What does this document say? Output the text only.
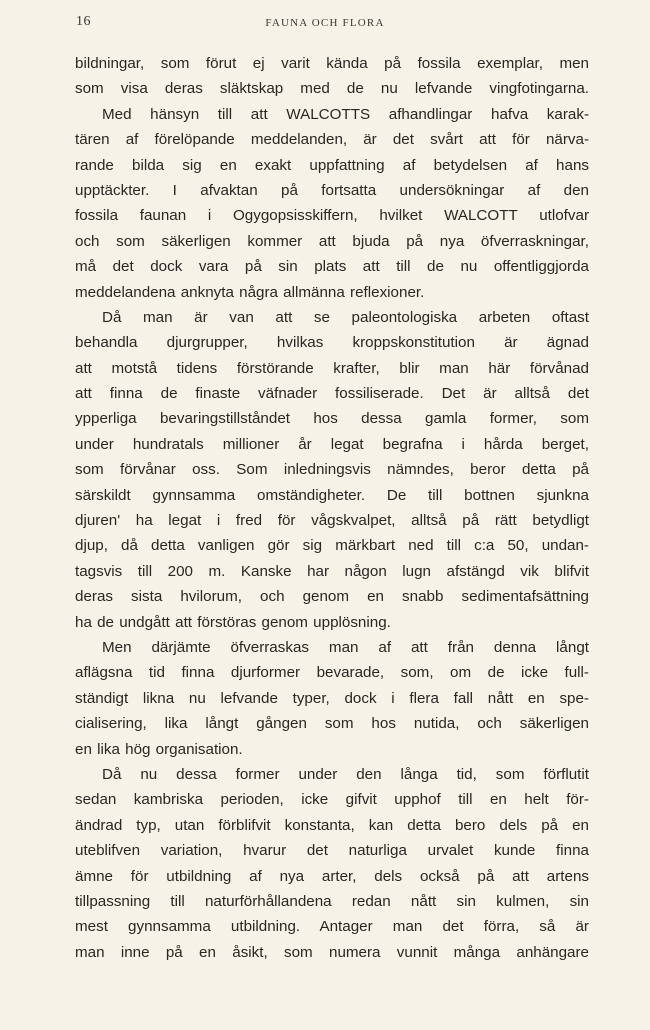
16	FAUNA OCH FLORA
bildningar, som förut ej varit kända på fossila exemplar, men
som visa deras släktskap med de nu lefvande vingfotingarna.
Med hänsyn till att WALCOTTS afhandlingar hafva karak-
tären af förelöpande meddelanden, är det svårt att för närva-
rande bilda sig en exakt uppfattning af betydelsen af hans
upptäckter. I afvaktan på fortsatta undersökningar af den
fossila faunan i Ogygopsisskiffern, hvilket WALCOTT utlofvar
och som säkerligen kommer att bjuda på nya öfverraskningar,
må det dock vara på sin plats att till de nu offentliggjorda
meddelandena anknyta några allmänna reflexioner.
Då man är van att se paleontologiska arbeten oftast
behandla djurgrupper, hvilkas kroppskonstitution är ägnad
att motstå tidens förstörande krafter, blir man här förvånad
att finna de finaste väfnader fossiliserade. Det är alltså det
ypperliga bevaringstillståndet hos dessa gamla former, som
under hundratals millioner år legat begrafna i hårda berget,
som förvånar oss. Som inledningsvis nämndes, beror detta på
särskildt gynnsamma omständigheter. De till bottnen sjunkna
djuren' ha legat i fred för vågskvalpet, alltså på rätt betydligt
djup, då detta vanligen gör sig märkbart ned till c:a 50, undan-
tagsvis till 200 m. Kanske har någon lugn afstängd vik blifvit
deras sista hvilorum, och genom en snabb sedimentafsättning
ha de undgått att förstöras genom upplösning.
Men därjämte öfverraskas man af att från denna långt
aflägsna tid finna djurformer bevarade, som, om de icke full-
ständigt likna nu lefvande typer, dock i flera fall nått en spe-
cialisering, lika långt gången som hos nutida, och säkerligen
en lika hög organisation.
Då nu dessa former under den långa tid, som förflutit
sedan kambriska perioden, icke gifvit upphof till en helt för-
ändrad typ, utan förblifvit konstanta, kan detta bero dels på en
uteblifven variation, hvarur det naturliga urvalet kunde finna
ämne för utbildning af nya arter, dels också på att artens
tillpassning till naturförhållandena redan nått sin kulmen, sin
mest gynnsamma utbildning. Antager man det förra, så är
man inne på en åsikt, som numera vunnit många anhängare
